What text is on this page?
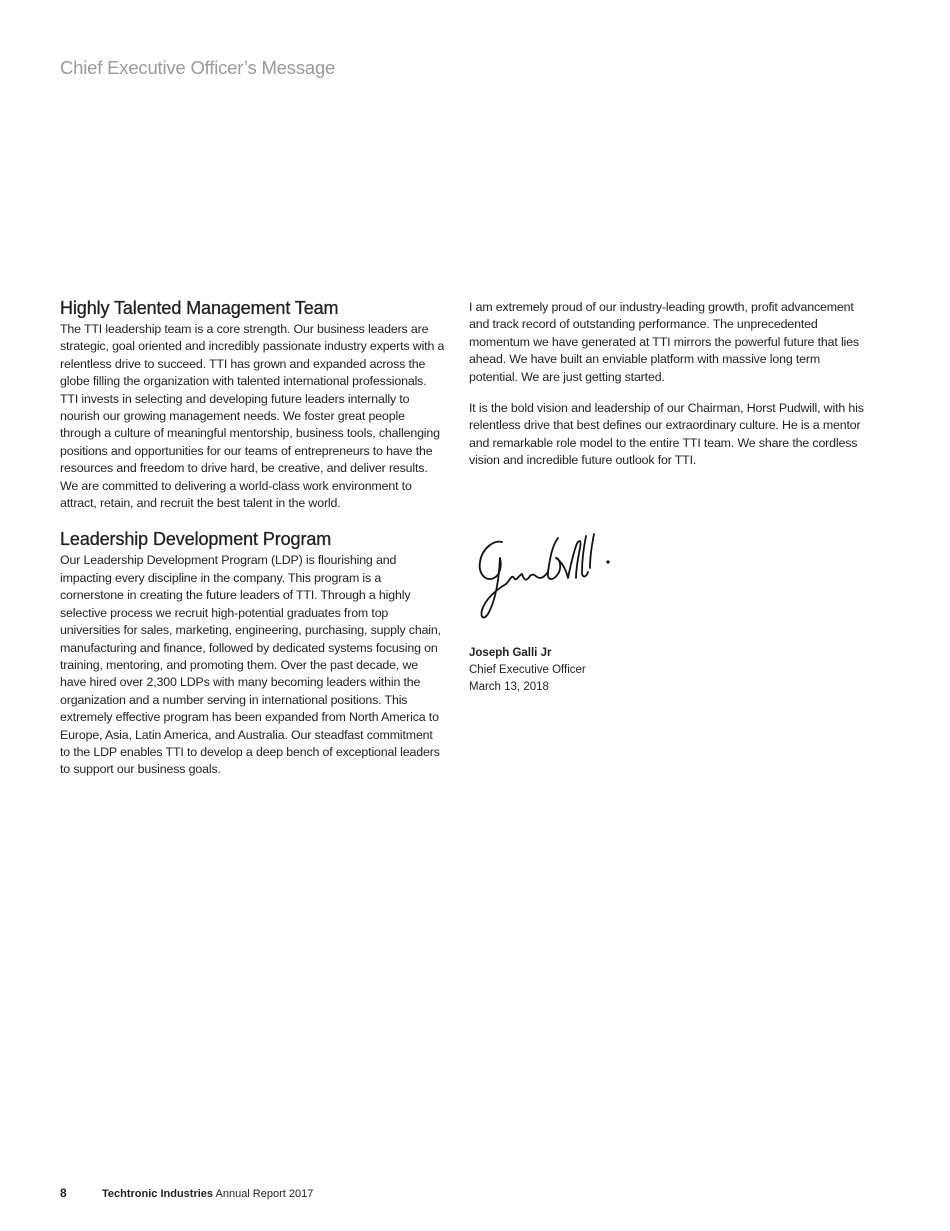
Chief Executive Officer’s Message
Highly Talented Management Team

The TTI leadership team is a core strength. Our business leaders are strategic, goal oriented and incredibly passionate industry experts with a relentless drive to succeed. TTI has grown and expanded across the globe filling the organization with talented international professionals. TTI invests in selecting and developing future leaders internally to nourish our growing management needs. We foster great people through a culture of meaningful mentorship, business tools, challenging positions and opportunities for our teams of entrepreneurs to have the resources and freedom to drive hard, be creative, and deliver results. We are committed to delivering a world-class work environment to attract, retain, and recruit the best talent in the world.

Leadership Development Program

Our Leadership Development Program (LDP) is flourishing and impacting every discipline in the company. This program is a cornerstone in creating the future leaders of TTI. Through a highly selective process we recruit high-potential graduates from top universities for sales, marketing, engineering, purchasing, supply chain, manufacturing and finance, followed by dedicated systems focusing on training, mentoring, and promoting them. Over the past decade, we have hired over 2,300 LDPs with many becoming leaders within the organization and a number serving in international positions. This extremely effective program has been expanded from North America to Europe, Asia, Latin America, and Australia. Our steadfast commitment to the LDP enables TTI to develop a deep bench of exceptional leaders to support our business goals.

I am extremely proud of our industry-leading growth, profit advancement and track record of outstanding performance. The unprecedented momentum we have generated at TTI mirrors the powerful future that lies ahead. We have built an enviable platform with massive long term potential. We are just getting started.

It is the bold vision and leadership of our Chairman, Horst Pudwill, with his relentless drive that best defines our extraordinary culture. He is a mentor and remarkable role model to the entire TTI team. We share the cordless vision and incredible future outlook for TTI.

Joseph Galli Jr
Chief Executive Officer
March 13, 2018
8	Techtronic Industries Annual Report 2017
